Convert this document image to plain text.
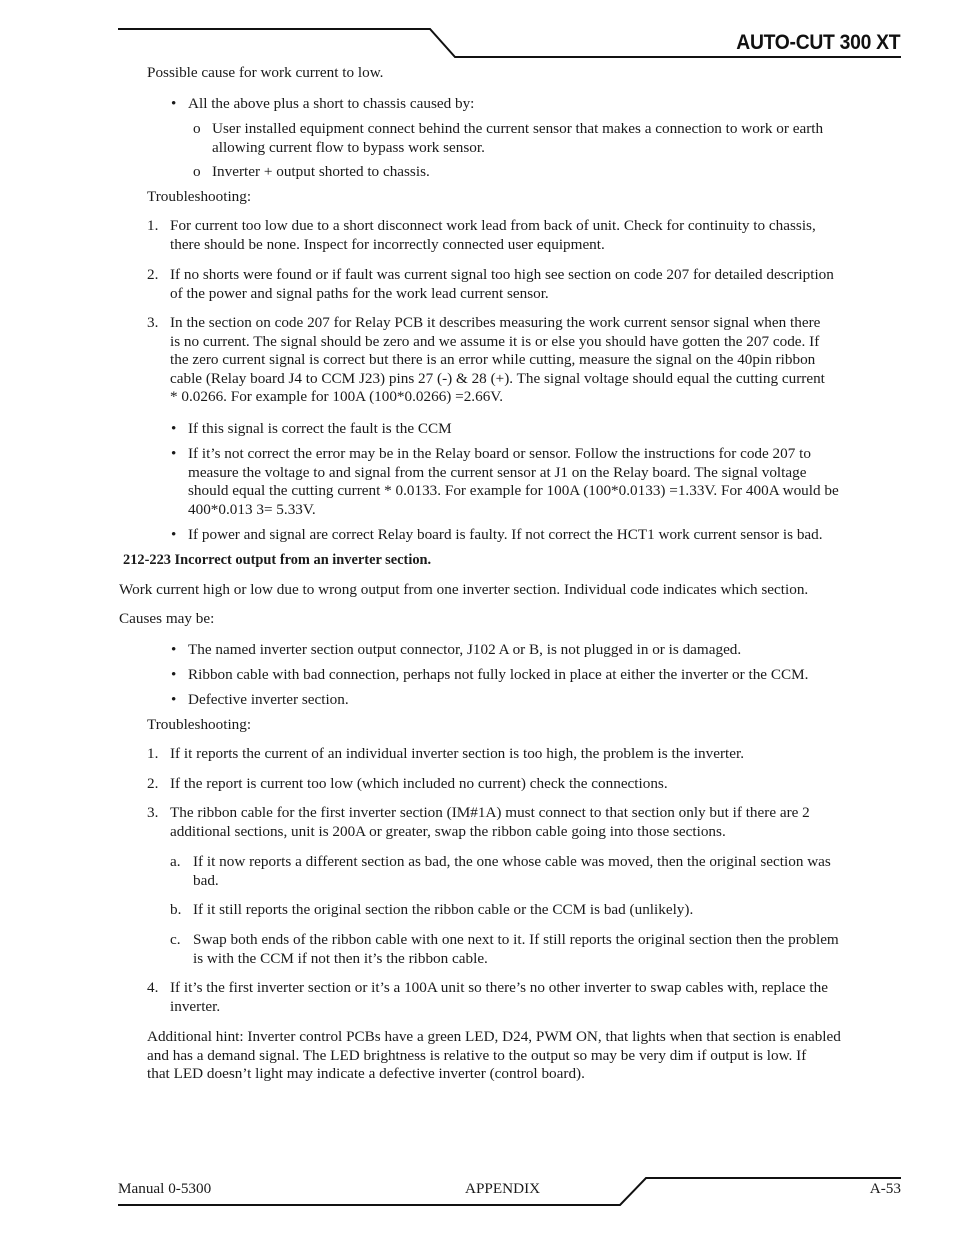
AUTO-CUT 300 XT
Possible cause for work current to low.
• All the above plus a short to chassis caused by:
o User installed equipment connect behind the current sensor that makes a connection to work or earth
allowing current flow to bypass work sensor.
o Inverter + output shorted to chassis.
Troubleshooting:
1. For current too low due to a short disconnect work lead from back of unit. Check for continuity to chassis,
there should be none. Inspect for incorrectly connected user equipment.
2. If no shorts were found or if fault was current signal too high see section on code 207 for detailed description
of the power and signal paths for the work lead current sensor.
3. In the section on code 207 for Relay PCB it describes measuring the work current sensor signal when there
is no current. The signal should be zero and we assume it is or else you should have gotten the 207 code. If
the zero current signal is correct but there is an error while cutting, measure the signal on the 40pin ribbon
cable (Relay board J4 to CCM J23) pins 27 (-) & 28 (+). The signal voltage should equal the cutting current
* 0.0266. For example for 100A (100*0.0266) =2.66V.
• If this signal is correct the fault is the CCM
• If it’s not correct the error may be in the Relay board or sensor. Follow the instructions for code 207 to
measure the voltage to and signal from the current sensor at J1 on the Relay board. The signal voltage
should equal the cutting current * 0.0133. For example for 100A (100*0.0133) =1.33V. For 400A would be
400*0.013 3= 5.33V.
• If power and signal are correct Relay board is faulty. If not correct the HCT1 work current sensor is bad.
212-223 Incorrect output from an inverter section.
Work current high or low due to wrong output from one inverter section. Individual code indicates which section.
Causes may be:
• The named inverter section output connector, J102 A or B, is not plugged in or is damaged.
• Ribbon cable with bad connection, perhaps not fully locked in place at either the inverter or the CCM.
• Defective inverter section.
Troubleshooting:
1. If it reports the current of an individual inverter section is too high, the problem is the inverter.
2. If the report is current too low (which included no current) check the connections.
3. The ribbon cable for the first inverter section (IM#1A) must connect to that section only but if there are 2
additional sections, unit is 200A or greater, swap the ribbon cable going into those sections.
a. If it now reports a different section as bad, the one whose cable was moved, then the original section was
bad.
b. If it still reports the original section the ribbon cable or the CCM is bad (unlikely).
c. Swap both ends of the ribbon cable with one next to it. If still reports the original section then the problem
is with the CCM if not then it’s the ribbon cable.
4. If it’s the first inverter section or it’s a 100A unit so there’s no other inverter to swap cables with, replace the
inverter.
Additional hint: Inverter control PCBs have a green LED, D24, PWM ON, that lights when that section is enabled
and has a demand signal. The LED brightness is relative to the output so may be very dim if output is low. If
that LED doesn’t light may indicate a defective inverter (control board).
Manual 0-5300	APPENDIX	A-53
